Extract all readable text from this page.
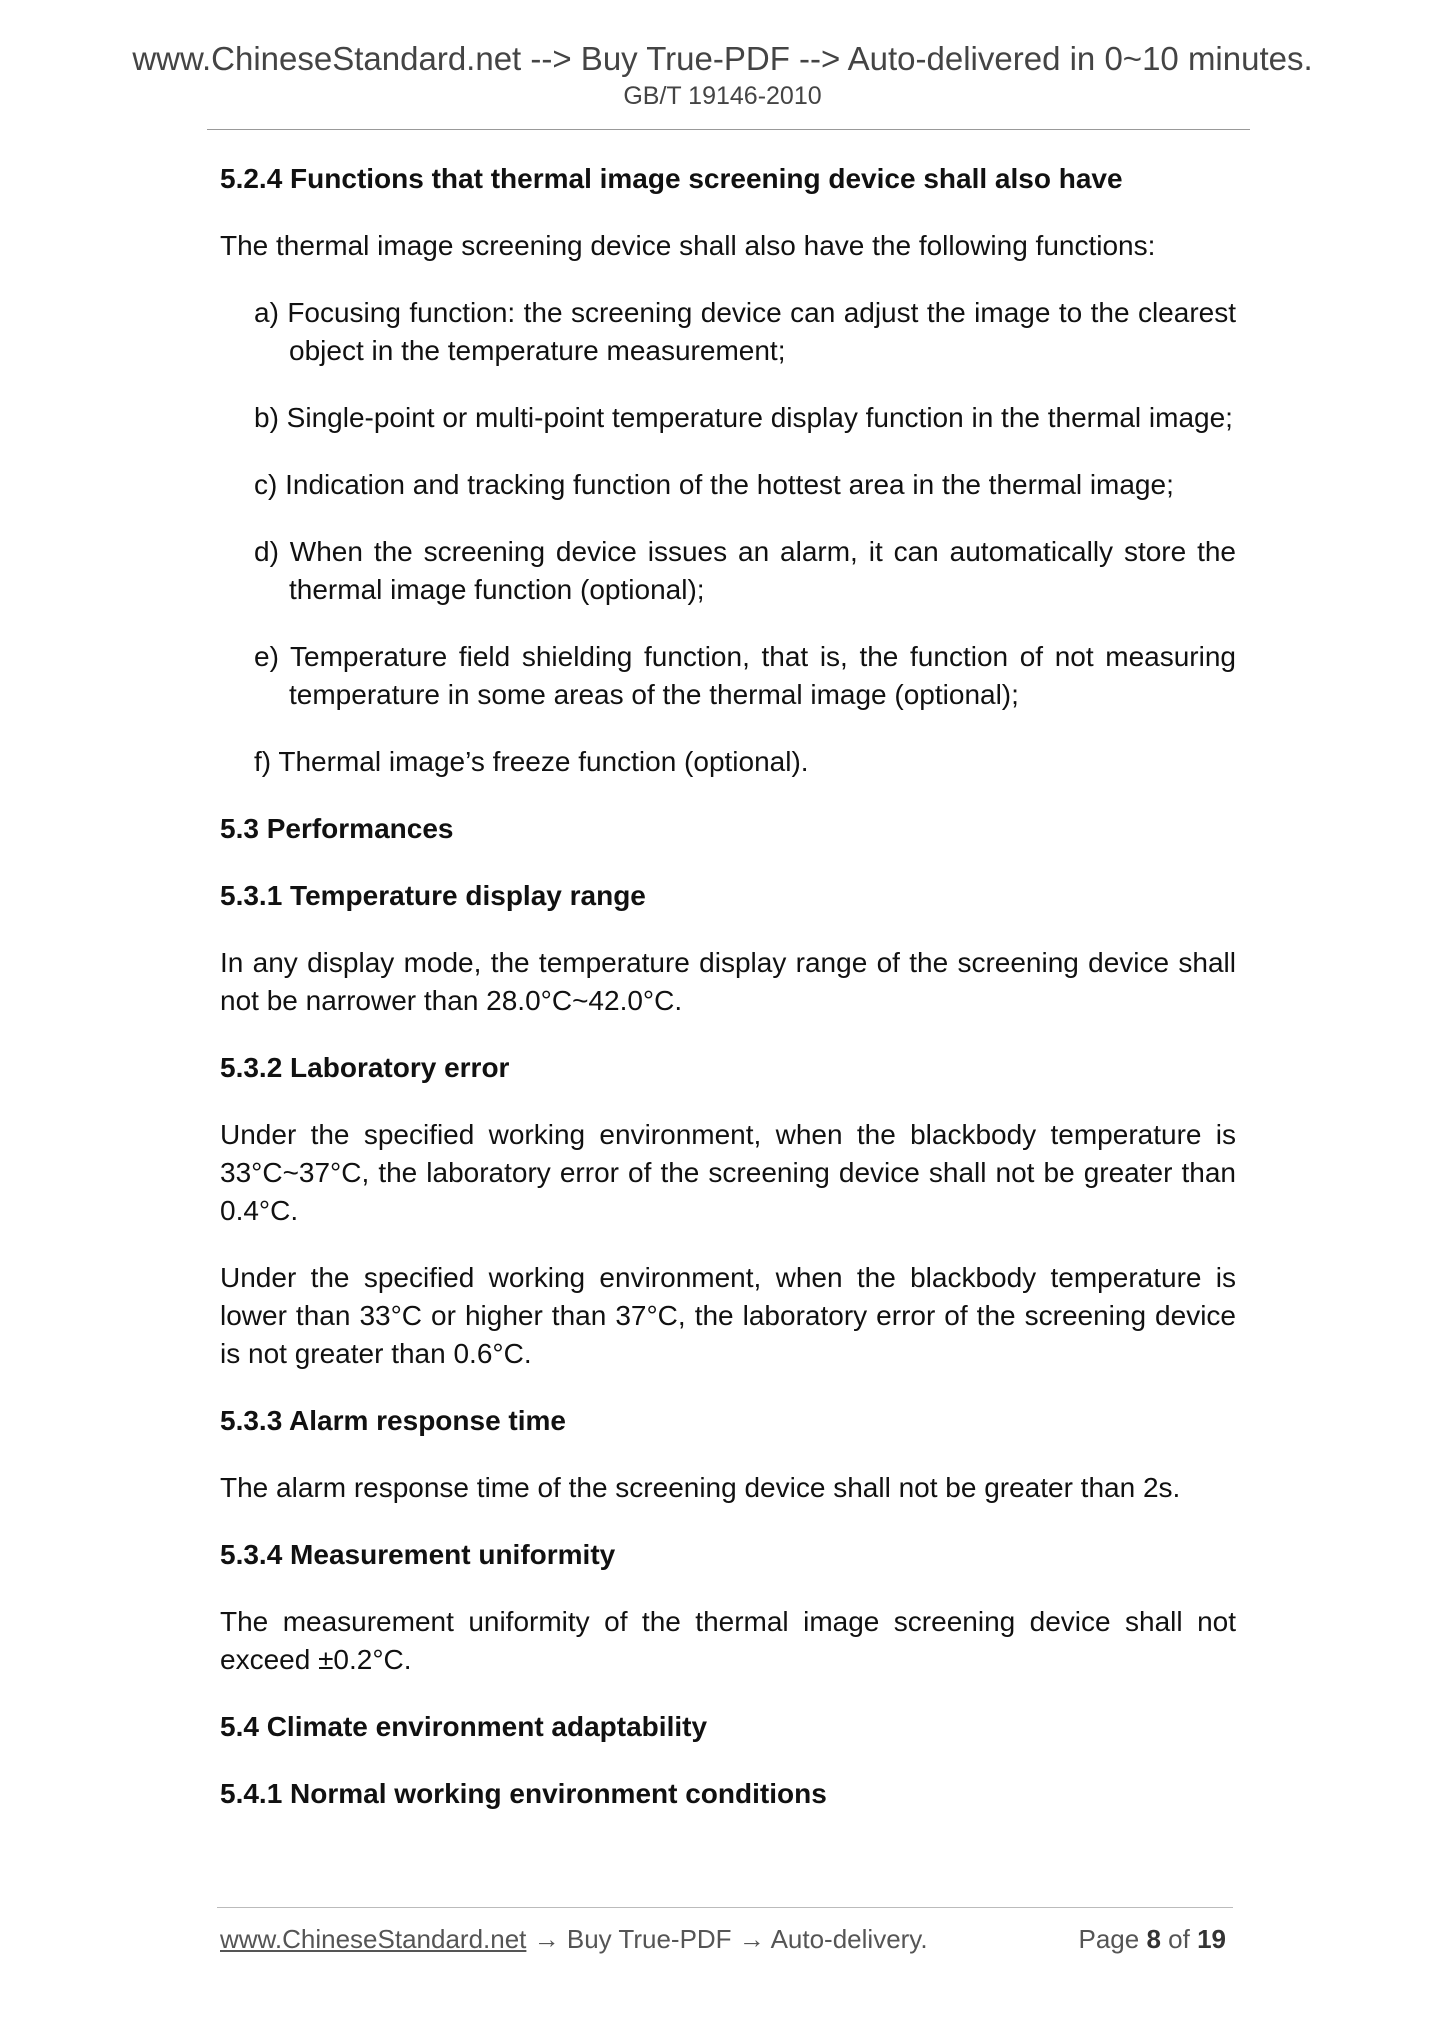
www.ChineseStandard.net --> Buy True-PDF --> Auto-delivered in 0~10 minutes.
GB/T 19146-2010
5.2.4 Functions that thermal image screening device shall also have

The thermal image screening device shall also have the following functions:

a) Focusing function: the screening device can adjust the image to the clearest object in the temperature measurement;

b) Single-point or multi-point temperature display function in the thermal image;

c) Indication and tracking function of the hottest area in the thermal image;

d) When the screening device issues an alarm, it can automatically store the thermal image function (optional);

e) Temperature field shielding function, that is, the function of not measuring temperature in some areas of the thermal image (optional);

f) Thermal image’s freeze function (optional).

5.3 Performances
5.3.1 Temperature display range

In any display mode, the temperature display range of the screening device shall not be narrower than 28.0°C~42.0°C.

5.3.2 Laboratory error

Under the specified working environment, when the blackbody temperature is 33°C~37°C, the laboratory error of the screening device shall not be greater than 0.4°C.

Under the specified working environment, when the blackbody temperature is lower than 33°C or higher than 37°C, the laboratory error of the screening device is not greater than 0.6°C.

5.3.3 Alarm response time

The alarm response time of the screening device shall not be greater than 2s.

5.3.4 Measurement uniformity

The measurement uniformity of the thermal image screening device shall not exceed ±0.2°C.

5.4 Climate environment adaptability
5.4.1 Normal working environment conditions
www.ChineseStandard.net → Buy True-PDF → Auto-delivery.	Page 8 of 19
